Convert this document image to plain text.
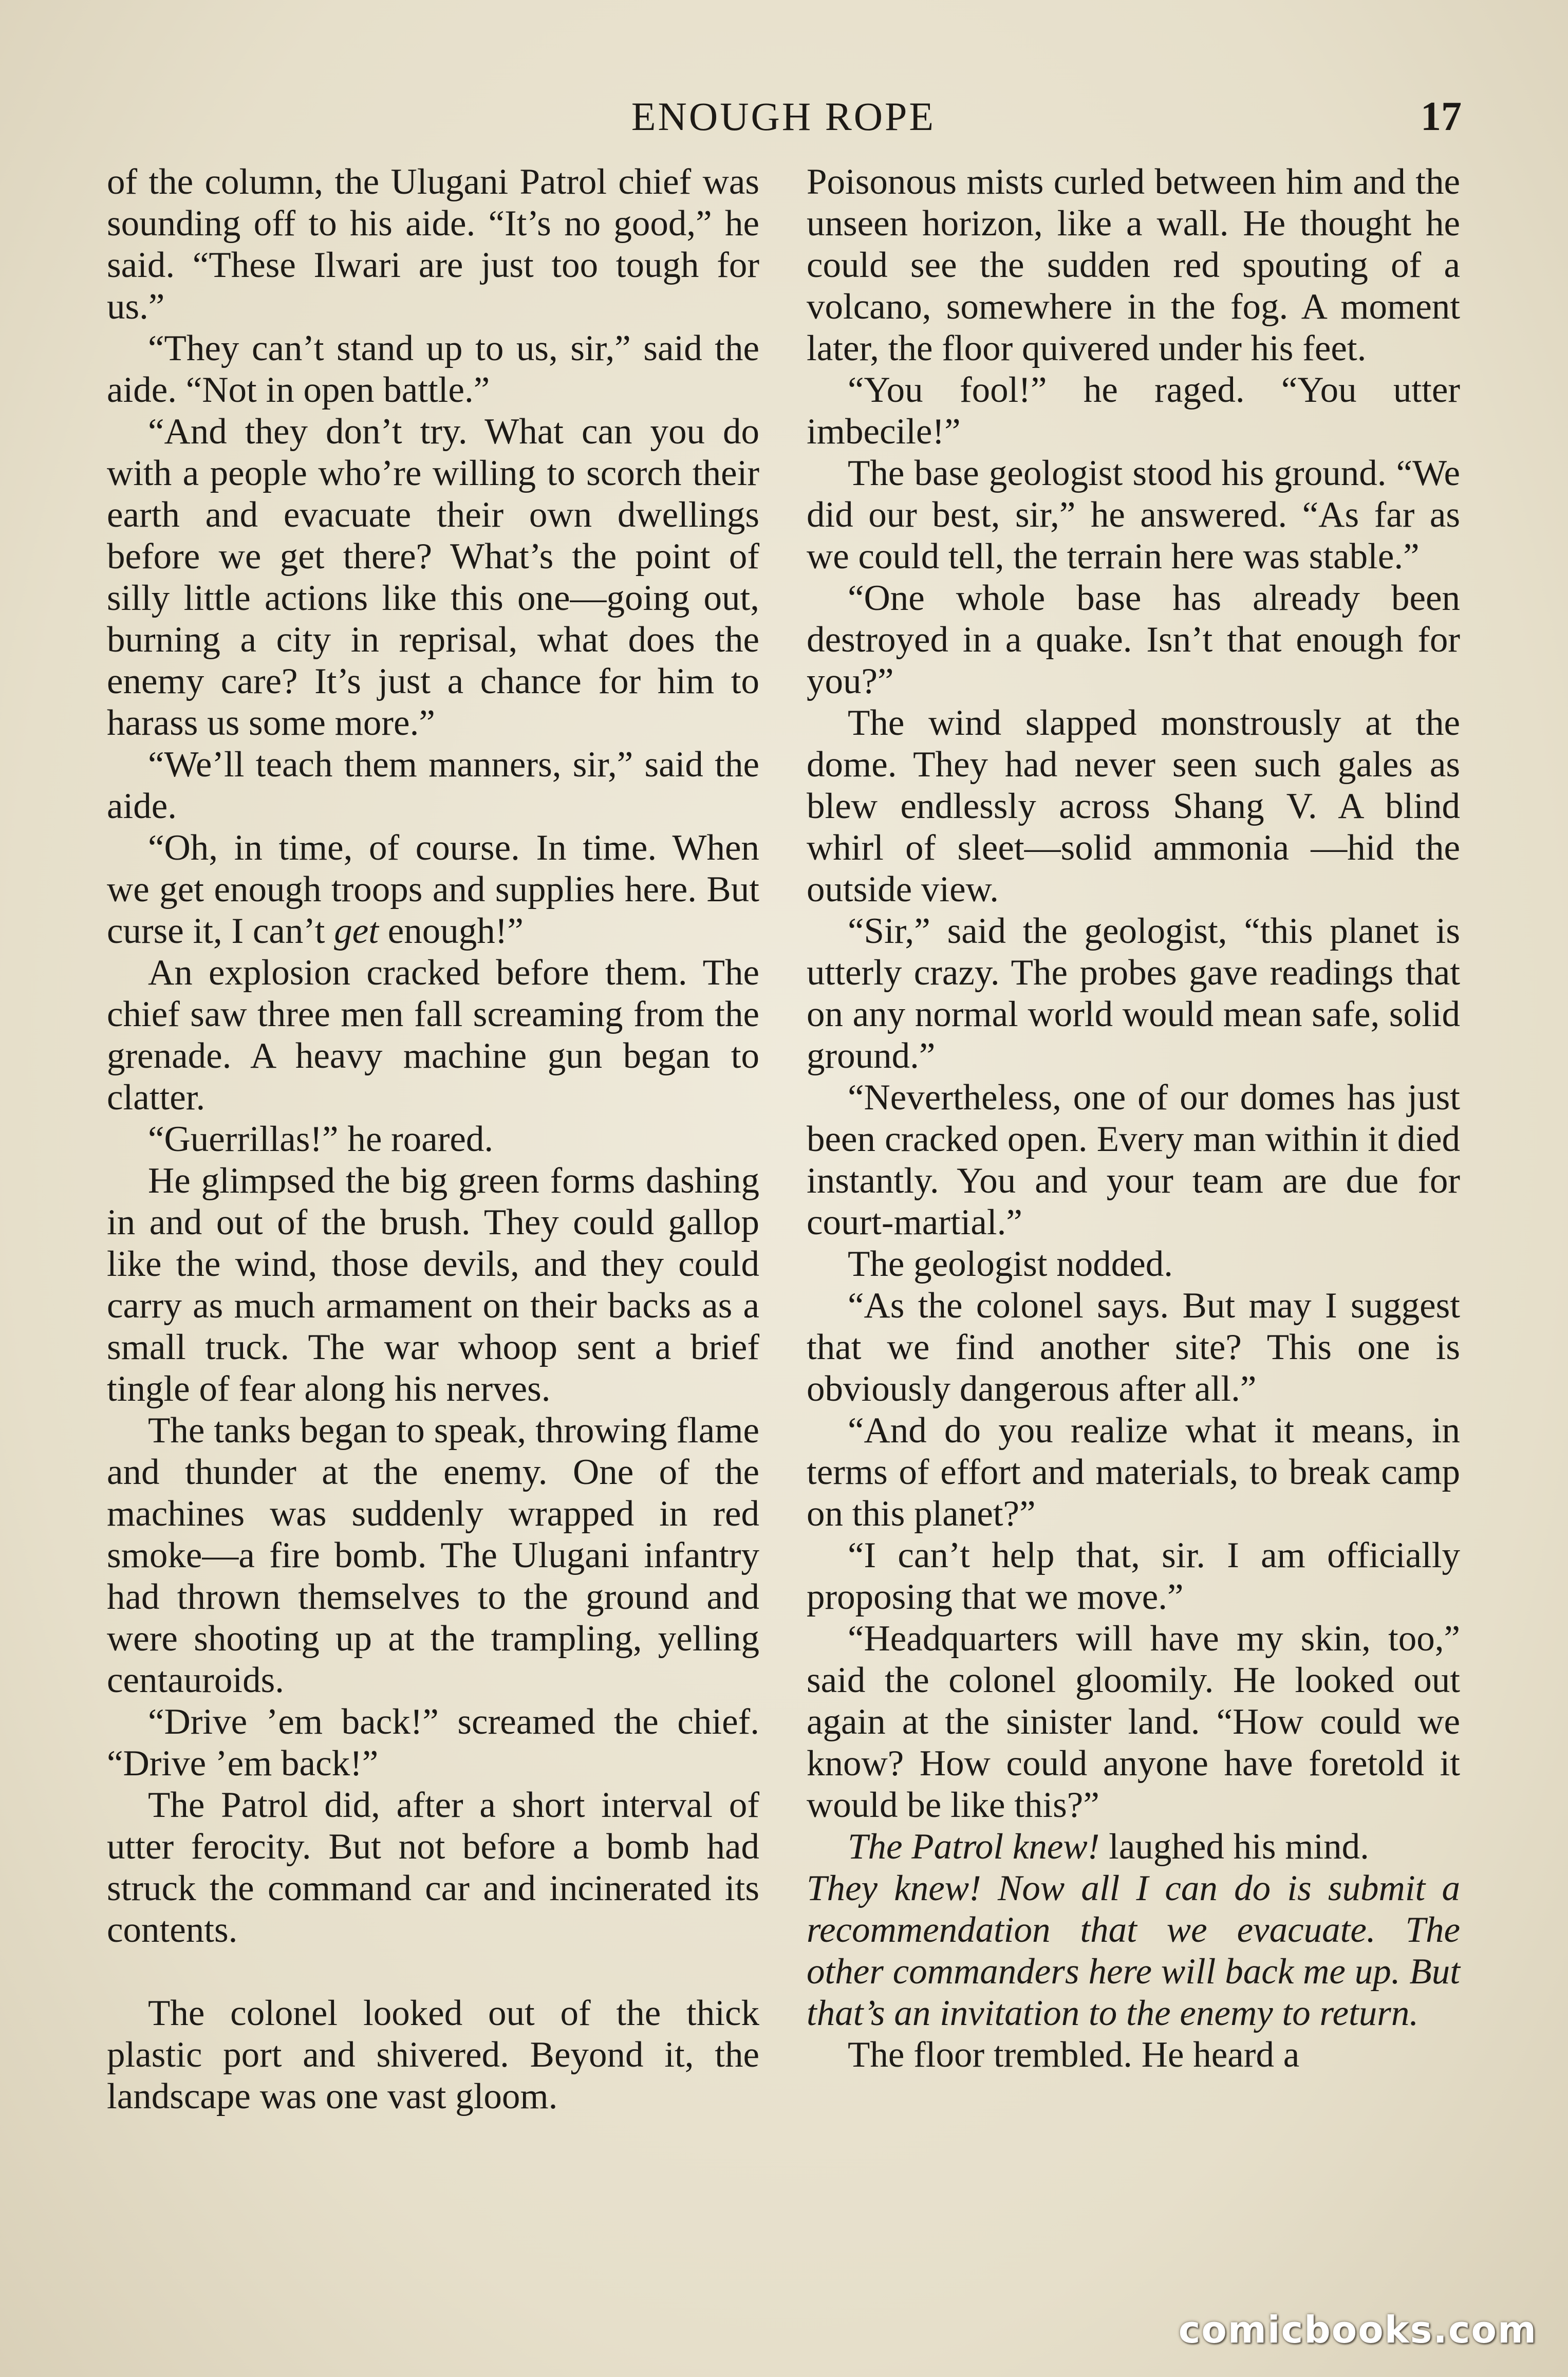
ENOUGH ROPE	17

of the column, the Ulugani Patrol chief was sounding off to his aide. “It’s no good,” he said. “These Ilwari are just too tough for us.”

“They can’t stand up to us, sir,” said the aide. “Not in open battle.”

“And they don’t try. What can you do with a people who’re willing to scorch their earth and evacuate their own dwellings before we get there? What’s the point of silly little actions like this one—going out, burning a city in reprisal, what does the enemy care? It’s just a chance for him to harass us some more.”

“We’ll teach them manners, sir,” said the aide.

“Oh, in time, of course. In time. When we get enough troops and supplies here. But curse it, I can’t get enough!”

An explosion cracked before them. The chief saw three men fall screaming from the grenade. A heavy machine gun began to clatter.

“Guerrillas!” he roared.

He glimpsed the big green forms dashing in and out of the brush. They could gallop like the wind, those devils, and they could carry as much armament on their backs as a small truck. The war whoop sent a brief tingle of fear along his nerves.

The tanks began to speak, throwing flame and thunder at the enemy. One of the machines was suddenly wrapped in red smoke—a fire bomb. The Ulugani infantry had thrown themselves to the ground and were shooting up at the trampling, yelling centauroids.

“Drive ’em back!” screamed the chief. “Drive ’em back!”

The Patrol did, after a short interval of utter ferocity. But not before a bomb had struck the command car and incinerated its contents.

The colonel looked out of the thick plastic port and shivered. Beyond it, the landscape was one vast gloom.

Poisonous mists curled between him and the unseen horizon, like a wall. He thought he could see the sudden red spouting of a volcano, somewhere in the fog. A moment later, the floor quivered under his feet.

“You fool!” he raged. “You utter imbecile!”

The base geologist stood his ground. “We did our best, sir,” he answered. “As far as we could tell, the terrain here was stable.”

“One whole base has already been destroyed in a quake. Isn’t that enough for you?”

The wind slapped monstrously at the dome. They had never seen such gales as blew endlessly across Shang V. A blind whirl of sleet—solid ammonia —hid the outside view.

“Sir,” said the geologist, “this planet is utterly crazy. The probes gave readings that on any normal world would mean safe, solid ground.”

“Nevertheless, one of our domes has just been cracked open. Every man within it died instantly. You and your team are due for court-martial.”

The geologist nodded.

“As the colonel says. But may I suggest that we find another site? This one is obviously dangerous after all.”

“And do you realize what it means, in terms of effort and materials, to break camp on this planet?”

“I can’t help that, sir. I am officially proposing that we move.”

“Headquarters will have my skin, too,” said the colonel gloomily. He looked out again at the sinister land. “How could we know? How could anyone have foretold it would be like this?”

The Patrol knew! laughed his mind.

They knew! Now all I can do is submit a recommendation that we evacuate. The other commanders here will back me up. But that’s an invitation to the enemy to return.

The floor trembled. He heard a

comicbooks.com
